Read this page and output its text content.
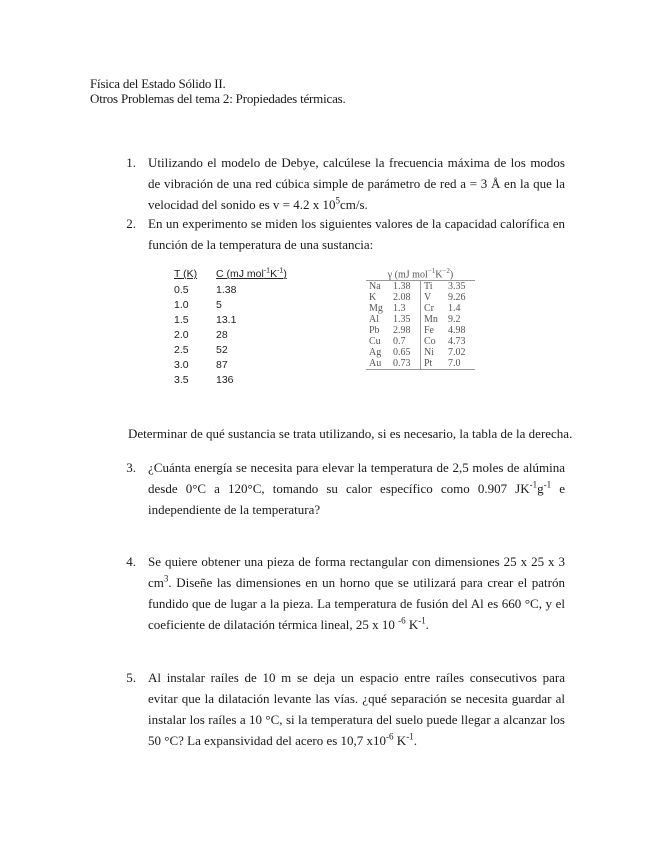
Física del Estado Sólido II.
Otros Problemas del tema 2: Propiedades térmicas.
1. Utilizando el modelo de Debye, calcúlese la frecuencia máxima de los modos de vibración de una red cúbica simple de parámetro de red a = 3 Å en la que la velocidad del sonido es v = 4.2 x $10^5cm/s$.
2. En un experimento se miden los siguientes valores de la capacidad calorífica en función de la temperatura de una sustancia:
T (K)	C (mJ $mol^{-1}K^{-1}$)
0.5	1.38
1.0	5
1.5	13.1
2.0	28
2.5	52
3.0	87
3.5	136
γ (mJ $mol^{-1}K^{-2}$)			
Na	1.38	Ti	3.35
K	2.08	V	9.26
Mg	1.3	Cr	1.4
Al	1.35	Mn	9.2
Pb	2.98	Fe	4.98
Cu	0.7	Co	4.73
Ag	0.65	Ni	7.02
Au	0.73	Pt	7.0
Determinar de qué sustancia se trata utilizando, si es necesario, la tabla de la derecha.
3. ¿Cuánta energía se necesita para elevar la temperatura de 2,5 moles de alúmina desde 0°C a 120°C, tomando su calor específico como 0.907 $JK^{-1}g^{-1}$ e independiente de la temperatura?
4. Se quiere obtener una pieza de forma rectangular con dimensiones 25 x 25 x 3 $cm^3$. Diseñe las dimensiones en un horno que se utilizará para crear el patrón fundido que de lugar a la pieza. La temperatura de fusión del Al es 660 °C, y el coeficiente de dilatación térmica lineal, 25 x 10 $^{-6}$ $K^{-1}$.
5. Al instalar raíles de 10 m se deja un espacio entre raíles consecutivos para evitar que la dilatación levante las vías. ¿qué separación se necesita guardar al instalar los raíles a 10 °C, si la temperatura del suelo puede llegar a alcanzar los 50 °C? La expansividad del acero es 10,7 $x10^{-6}$ $K^{-1}$.
